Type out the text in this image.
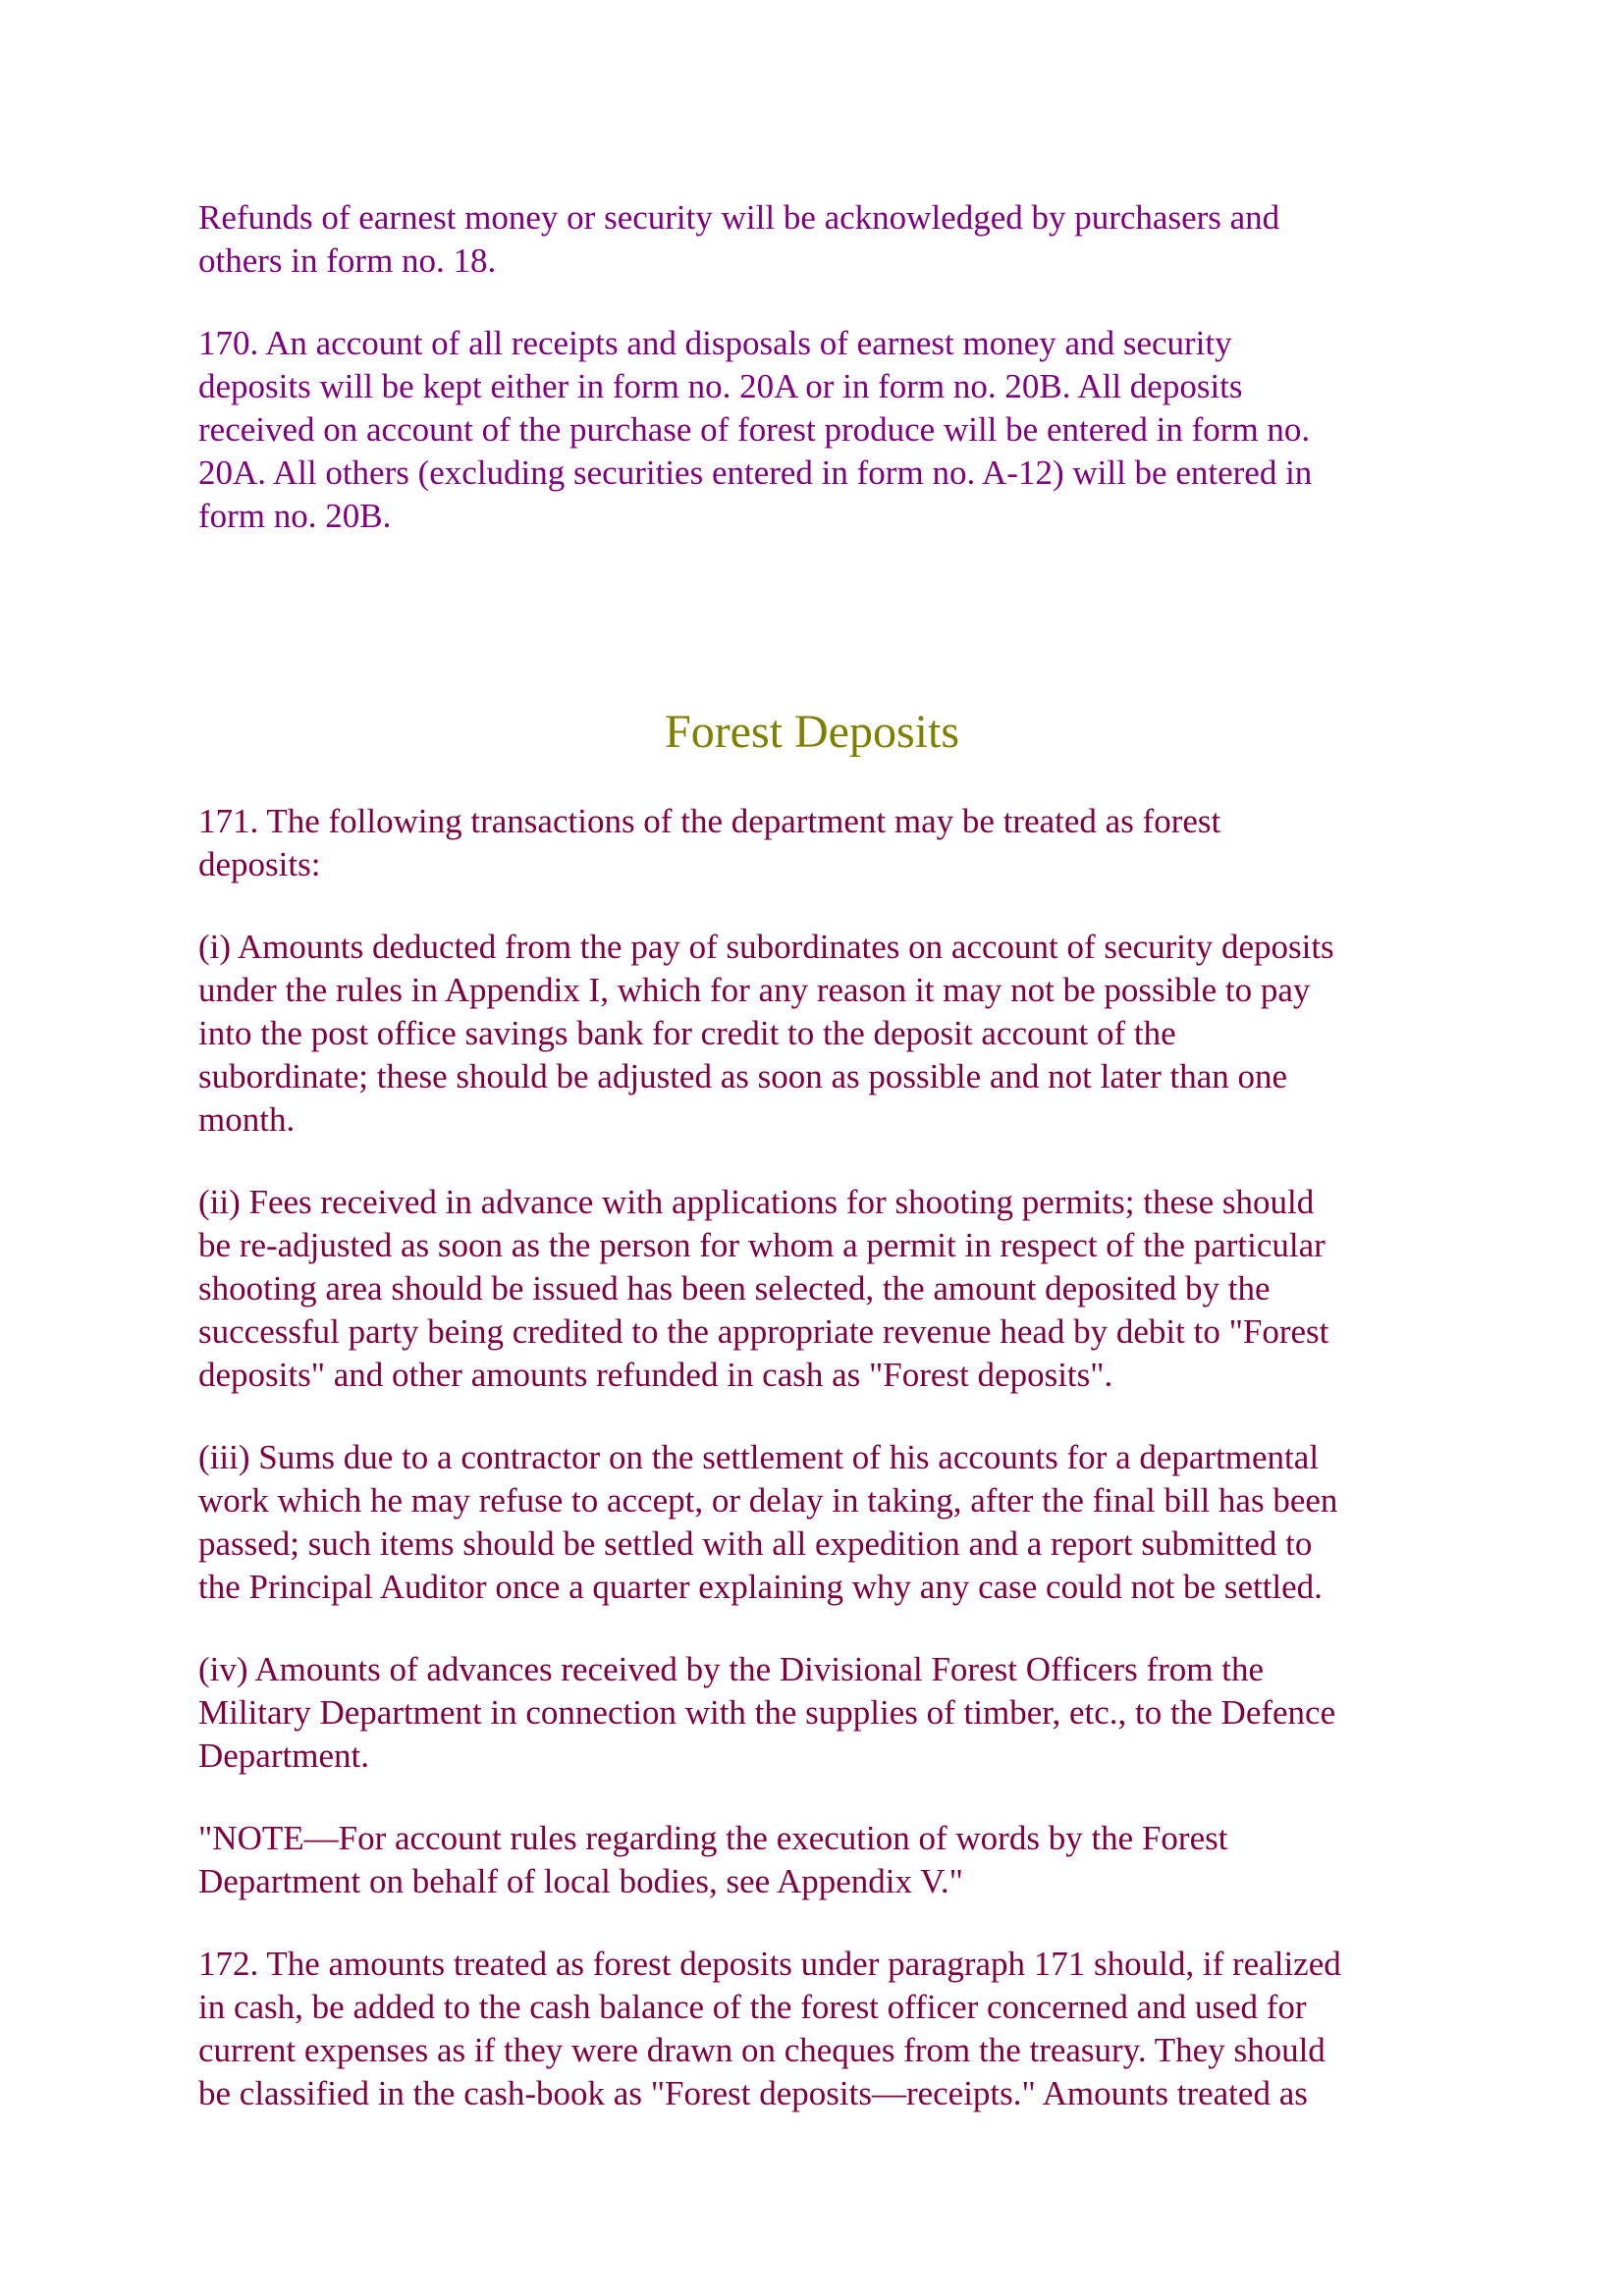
Refunds of earnest money or security will be acknowledged by purchasers and
others in form no. 18.

170. An account of all receipts and disposals of earnest money and security
deposits will be kept either in form no. 20A or in form no. 20B. All deposits
received on account of the purchase of forest produce will be entered in form no.
20A. All others (excluding securities entered in form no. A-12) will be entered in
form no. 20B.

Forest Deposits

171. The following transactions of the department may be treated as forest
deposits:

(i) Amounts deducted from the pay of subordinates on account of security deposits
under the rules in Appendix I, which for any reason it may not be possible to pay
into the post office savings bank for credit to the deposit account of the
subordinate; these should be adjusted as soon as possible and not later than one
month.

(ii) Fees received in advance with applications for shooting permits; these should
be re-adjusted as soon as the person for whom a permit in respect of the particular
shooting area should be issued has been selected, the amount deposited by the
successful party being credited to the appropriate revenue head by debit to "Forest
deposits" and other amounts refunded in cash as "Forest deposits".

(iii) Sums due to a contractor on the settlement of his accounts for a departmental
work which he may refuse to accept, or delay in taking, after the final bill has been
passed; such items should be settled with all expedition and a report submitted to
the Principal Auditor once a quarter explaining why any case could not be settled.

(iv) Amounts of advances received by the Divisional Forest Officers from the
Military Department in connection with the supplies of timber, etc., to the Defence
Department.

"NOTE—For account rules regarding the execution of words by the Forest
Department on behalf of local bodies, see Appendix V."

172. The amounts treated as forest deposits under paragraph 171 should, if realized
in cash, be added to the cash balance of the forest officer concerned and used for
current expenses as if they were drawn on cheques from the treasury. They should
be classified in the cash-book as "Forest deposits—receipts." Amounts treated as
